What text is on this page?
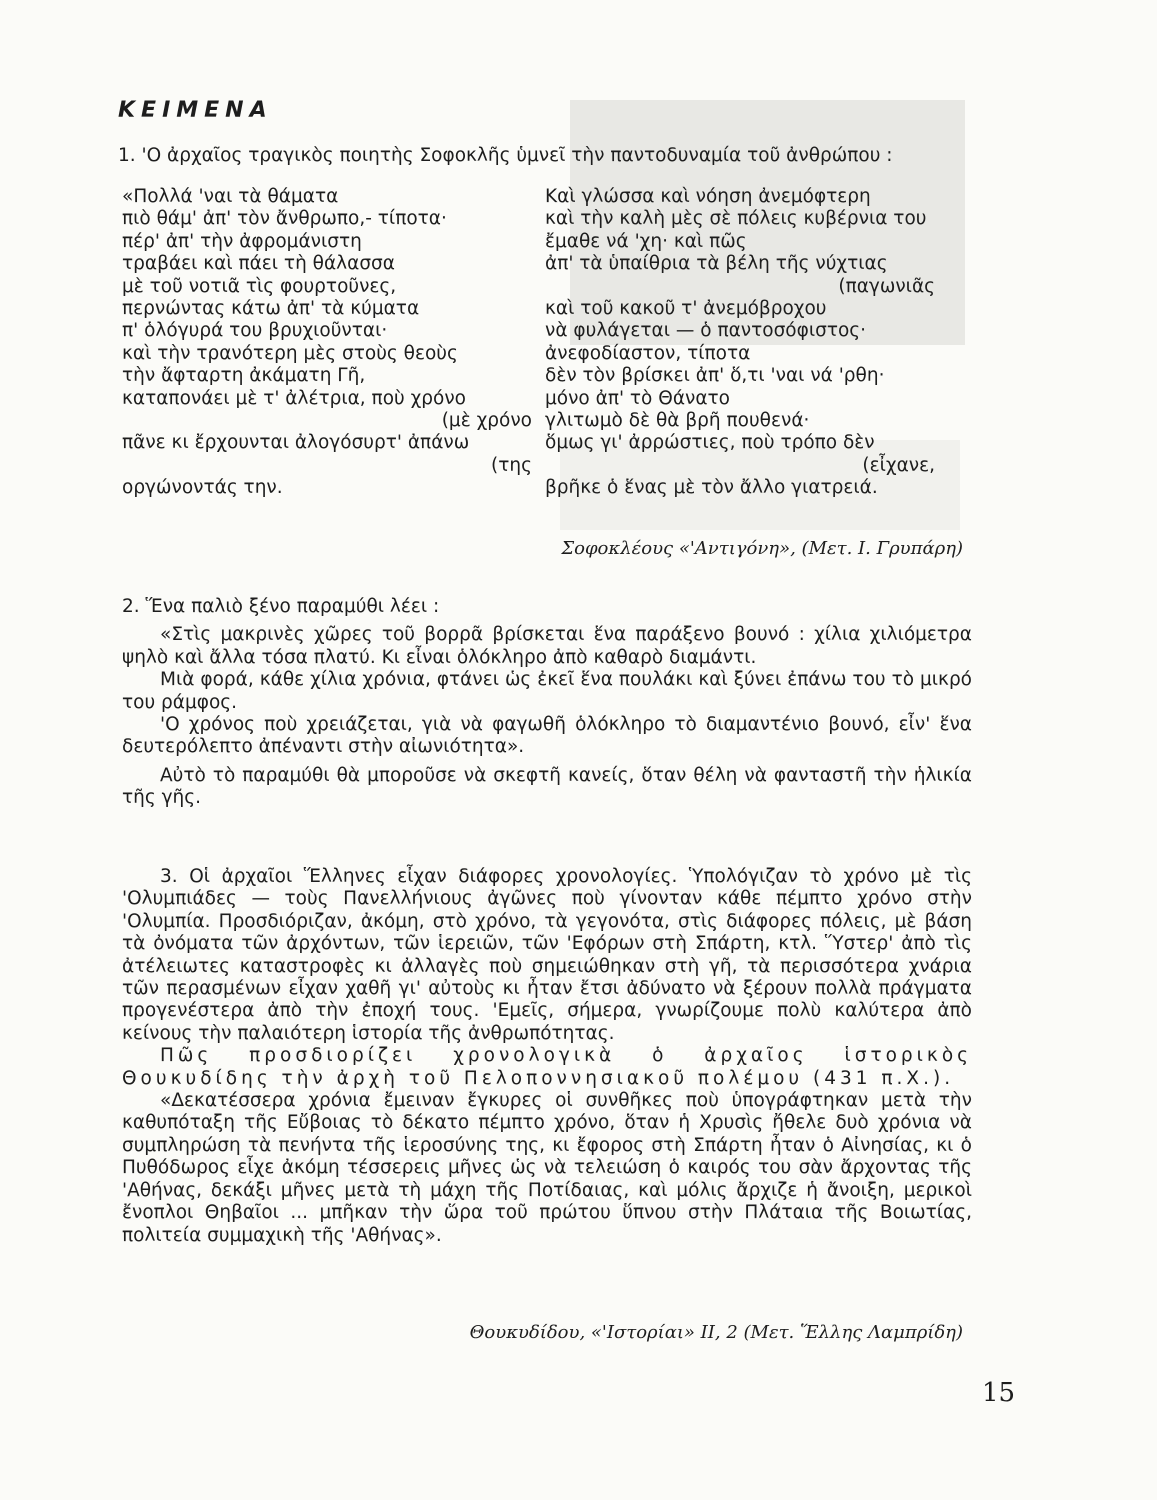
ΚΕΙΜΕΝΑ
1. 'Ο ἀρχαῖος τραγικὸς ποιητὴς Σοφοκλῆς ὑμνεῖ τὴν παντοδυναμία τοῦ ἀνθρώπου :
«Πολλά 'ναι τὰ θάματα
πιὸ θάμ' ἀπ' τὸν ἄνθρωπο,- τίποτα·
πέρ' ἀπ' τὴν ἀφρομάνιστη
τραβάει καὶ πάει τὴ θάλασσα
μὲ τοῦ νοτιᾶ τὶς φουρτοῦνες,
περνώντας κάτω ἀπ' τὰ κύματα
π' ὁλόγυρά του βρυχιοῦνται·
καὶ τὴν τρανότερη μὲς στοὺς θεοὺς
τὴν ἄφταρτη ἀκάματη Γῆ,
καταπονάει μὲ τ' ἀλέτρια, ποὺ χρόνο
(μὲ χρόνο
πᾶνε κι ἔρχουνται ἀλογόσυρτ' ἀπάνω
(της
οργώνοντάς την.
Καὶ γλώσσα καὶ νόηση ἀνεμόφτερη
καὶ τὴν καλὴ μὲς σὲ πόλεις κυβέρνια του
ἔμαθε νά 'χη· καὶ πῶς
ἀπ' τὰ ὑπαίθρια τὰ βέλη τῆς νύχτιας
(παγωνιᾶς
καὶ τοῦ κακοῦ τ' ἀνεμόβροχου
νὰ φυλάγεται — ὁ παντοσόφιστος·
ἀνεφοδίαστον, τίποτα
δὲν τὸν βρίσκει ἀπ' ὅ,τι 'ναι νά 'ρθη·
μόνο ἀπ' τὸ Θάνατο
γλιτωμὸ δὲ θὰ βρῆ πουθενά·
ὅμως γι' ἀρρώστιες, ποὺ τρόπο δὲν
(εἶχανε,
βρῆκε ὁ ἕνας μὲ τὸν ἄλλο γιατρειά.
Σοφοκλέους «'Αντιγόνη», (Μετ. Ι. Γρυπάρη)

2. Ἕνα παλιὸ ξένο παραμύθι λέει :

«Στὶς μακρινὲς χῶρες τοῦ βορρᾶ βρίσκεται ἕνα παράξενο βουνό : χίλια χιλιόμετρα ψηλὸ καὶ ἄλλα τόσα πλατύ. Κι εἶναι ὁλόκληρο ἀπὸ καθαρὸ διαμάντι.

Μιὰ φορά, κάθε χίλια χρόνια, φτάνει ὡς ἐκεῖ ἕνα πουλάκι καὶ ξύνει ἐπάνω του τὸ μικρό του ράμφος.

'Ο χρόνος ποὺ χρειάζεται, γιὰ νὰ φαγωθῆ ὁλόκληρο τὸ διαμαντένιο βουνό, εἶν' ἕνα δευτερόλεπτο ἀπέναντι στὴν αἰωνιότητα».

Αὐτὸ τὸ παραμύθι θὰ μποροῦσε νὰ σκεφτῆ κανείς, ὅταν θέλη νὰ φανταστῆ τὴν ἡλικία τῆς γῆς.

3. Οἱ ἀρχαῖοι Ἕλληνες εἶχαν διάφορες χρονολογίες. Ὑπολόγιζαν τὸ χρόνο μὲ τὶς 'Ολυμπιάδες — τοὺς Πανελλήνιους ἀγῶνες ποὺ γίνονταν κάθε πέμπτο χρόνο στὴν 'Ολυμπία. Προσδιόριζαν, ἀκόμη, στὸ χρόνο, τὰ γεγονότα, στὶς διάφορες πόλεις, μὲ βάση τὰ ὀνόματα τῶν ἀρχόντων, τῶν ἱερειῶν, τῶν 'Εφόρων στὴ Σπάρτη, κτλ. Ὕστερ' ἀπὸ τὶς ἀτέλειωτες καταστροφὲς κι ἀλλαγὲς ποὺ σημειώθηκαν στὴ γῆ, τὰ περισσότερα χνάρια τῶν περασμένων εἶχαν χαθῆ γι' αὐτοὺς κι ἦταν ἔτσι ἀδύνατο νὰ ξέρουν πολλὰ πράγματα προγενέστερα ἀπὸ τὴν ἐποχή τους. 'Εμεῖς, σήμερα, γνωρίζουμε πολὺ καλύτερα ἀπὸ κείνους τὴν παλαιότερη ἱστορία τῆς ἀνθρωπότητας.

Πῶς προσδιορίζει χρονολογικὰ ὁ ἀρχαῖος ἱστορικὸς Θουκυδίδης τὴν ἀρχὴ τοῦ Πελοποννησιακοῦ πολέμου (431 π.Χ.).

«Δεκατέσσερα χρόνια ἔμειναν ἔγκυρες οἱ συνθῆκες ποὺ ὑπογράφτηκαν μετὰ τὴν καθυπόταξη τῆς Εὔβοιας τὸ δέκατο πέμπτο χρόνο, ὅταν ἡ Χρυσὶς ἤθελε δυὸ χρόνια νὰ συμπληρώση τὰ πενήντα τῆς ἱεροσύνης της, κι ἔφορος στὴ Σπάρτη ἦταν ὁ Αἰνησίας, κι ὁ Πυθόδωρος εἶχε ἀκόμη τέσσερεις μῆνες ὡς νὰ τελειώση ὁ καιρός του σὰν ἄρχοντας τῆς 'Αθήνας, δεκάξι μῆνες μετὰ τὴ μάχη τῆς Ποτίδαιας, καὶ μόλις ἄρχιζε ἡ ἄνοιξη, μερικοὶ ἔνοπλοι Θηβαῖοι ... μπῆκαν τὴν ὥρα τοῦ πρώτου ὕπνου στὴν Πλάταια τῆς Βοιωτίας, πολιτεία συμμαχικὴ τῆς 'Αθήνας».

Θουκυδίδου, «'Ιστορίαι» ΙΙ, 2 (Μετ. Ἕλλης Λαμπρίδη)
15
